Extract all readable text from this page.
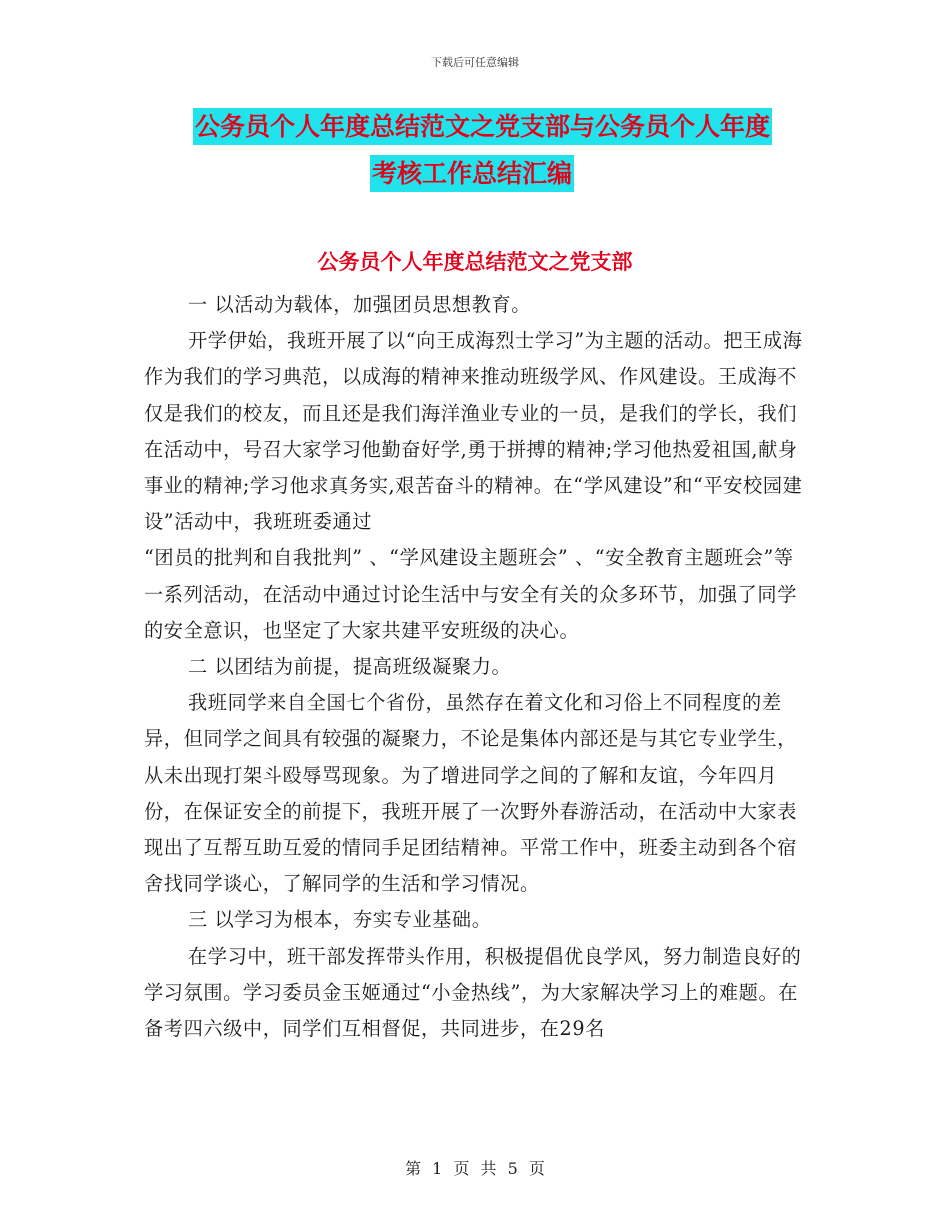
下载后可任意编辑
公务员个人年度总结范文之党支部与公务员个人年度
考核工作总结汇编
公务员个人年度总结范文之党支部

一 以活动为载体，加强团员思想教育。

开学伊始，我班开展了以“向王成海烈士学习”为主题的活动。把王成海作为我们的学习典范，以成海的精神来推动班级学风、作风建设。王成海不仅是我们的校友，而且还是我们海洋渔业专业的一员，是我们的学长，我们在活动中，号召大家学习他勤奋好学,勇于拼搏的精神;学习他热爱祖国,献身事业的精神;学习他求真务实,艰苦奋斗的精神。在“学风建设”和“平安校园建设”活动中，我班班委通过

“团员的批判和自我批判” 、“学风建设主题班会” 、“安全教育主题班会”等一系列活动，在活动中通过讨论生活中与安全有关的众多环节，加强了同学的安全意识，也坚定了大家共建平安班级的决心。

二 以团结为前提，提高班级凝聚力。

我班同学来自全国七个省份，虽然存在着文化和习俗上不同程度的差异，但同学之间具有较强的凝聚力，不论是集体内部还是与其它专业学生，从未出现打架斗殴辱骂现象。为了增进同学之间的了解和友谊，今年四月份，在保证安全的前提下，我班开展了一次野外春游活动，在活动中大家表现出了互帮互助互爱的情同手足团结精神。平常工作中，班委主动到各个宿舍找同学谈心，了解同学的生活和学习情况。

三 以学习为根本，夯实专业基础。

在学习中，班干部发挥带头作用，积极提倡优良学风，努力制造良好的学习氛围。学习委员金玉姬通过“小金热线”，为大家解决学习上的难题。在备考四六级中，同学们互相督促，共同进步，在29名

第 1 页 共 5 页
